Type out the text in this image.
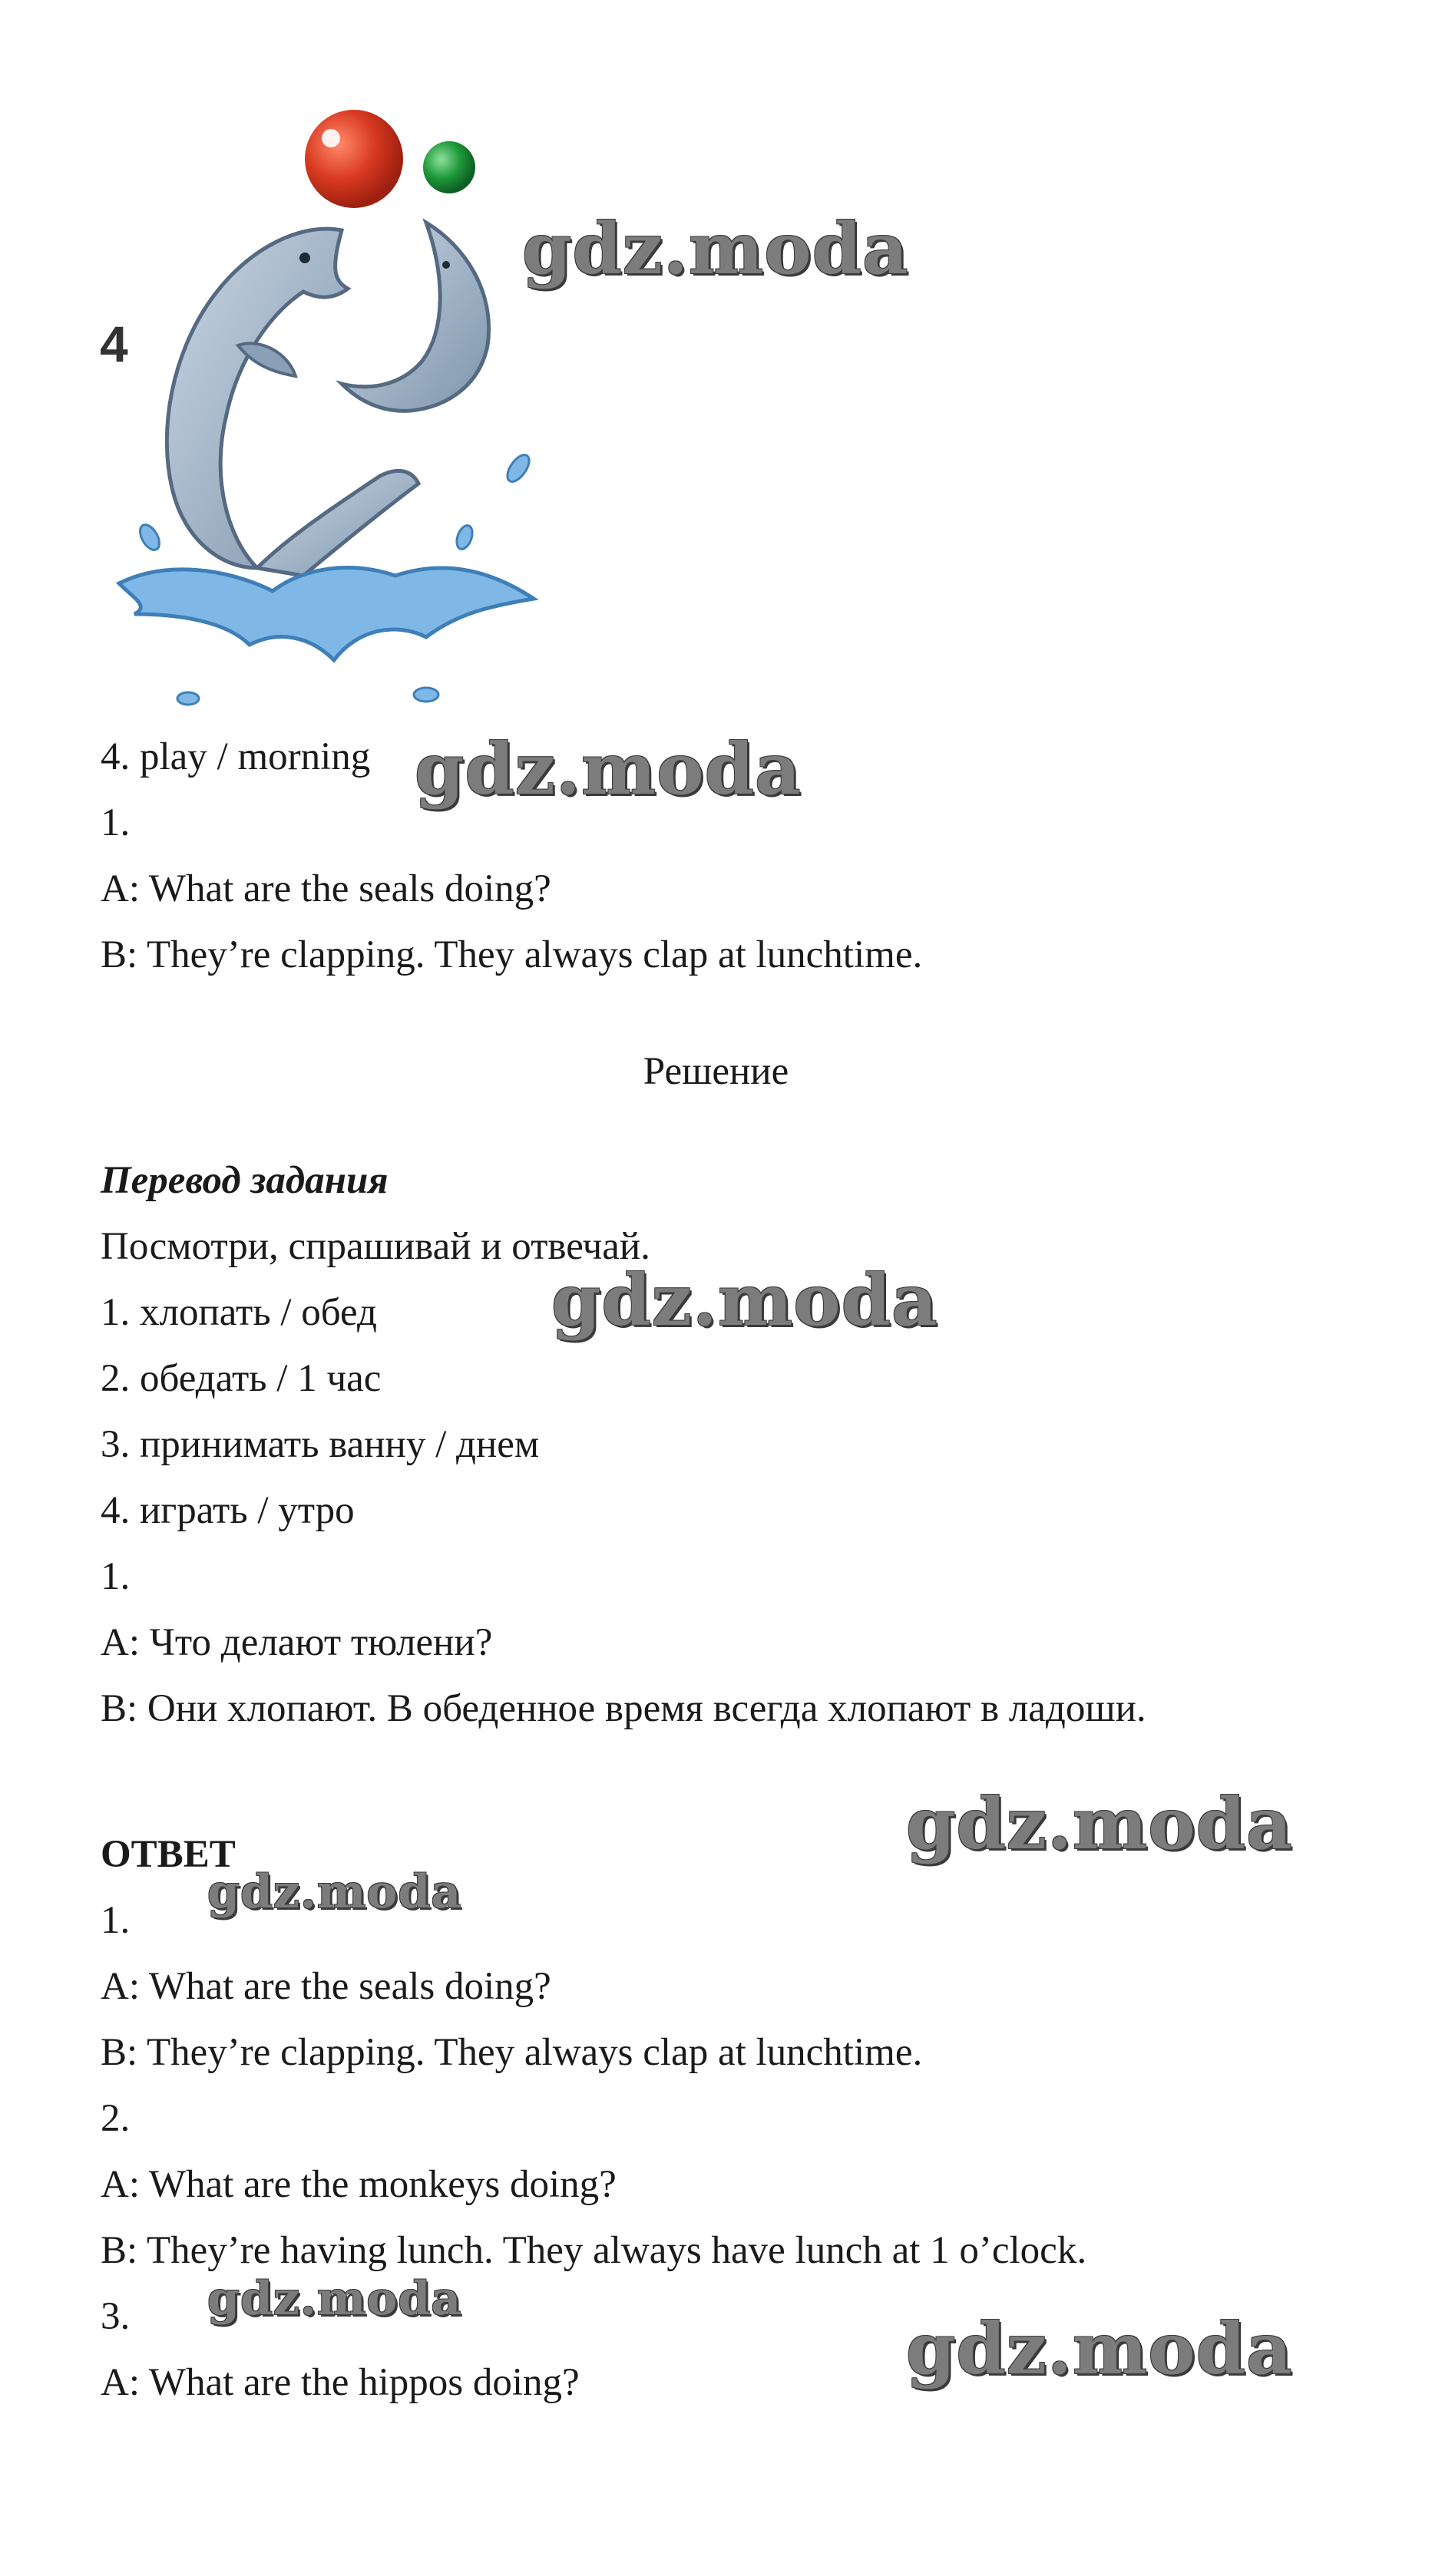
4
4. play / morning
1.
A: What are the seals doing?
B: They’re clapping. They always clap at lunchtime.
Решение
Перевод задания
Посмотри, спрашивай и отвечай.
1. хлопать / обед
2. обедать / 1 час
3. принимать ванну / днем
4. играть / утро
1.
A: Что делают тюлени?
B: Они хлопают. В обеденное время всегда хлопают в ладоши.
ОТВЕТ
1.
A: What are the seals doing?
B: They’re clapping. They always clap at lunchtime.
2.
A: What are the monkeys doing?
B: They’re having lunch. They always have lunch at 1 o’clock.
3.
A: What are the hippos doing?
gdz.moda
gdz.moda
gdz.moda
gdz.moda
gdz.moda
gdz.moda
gdz.moda
